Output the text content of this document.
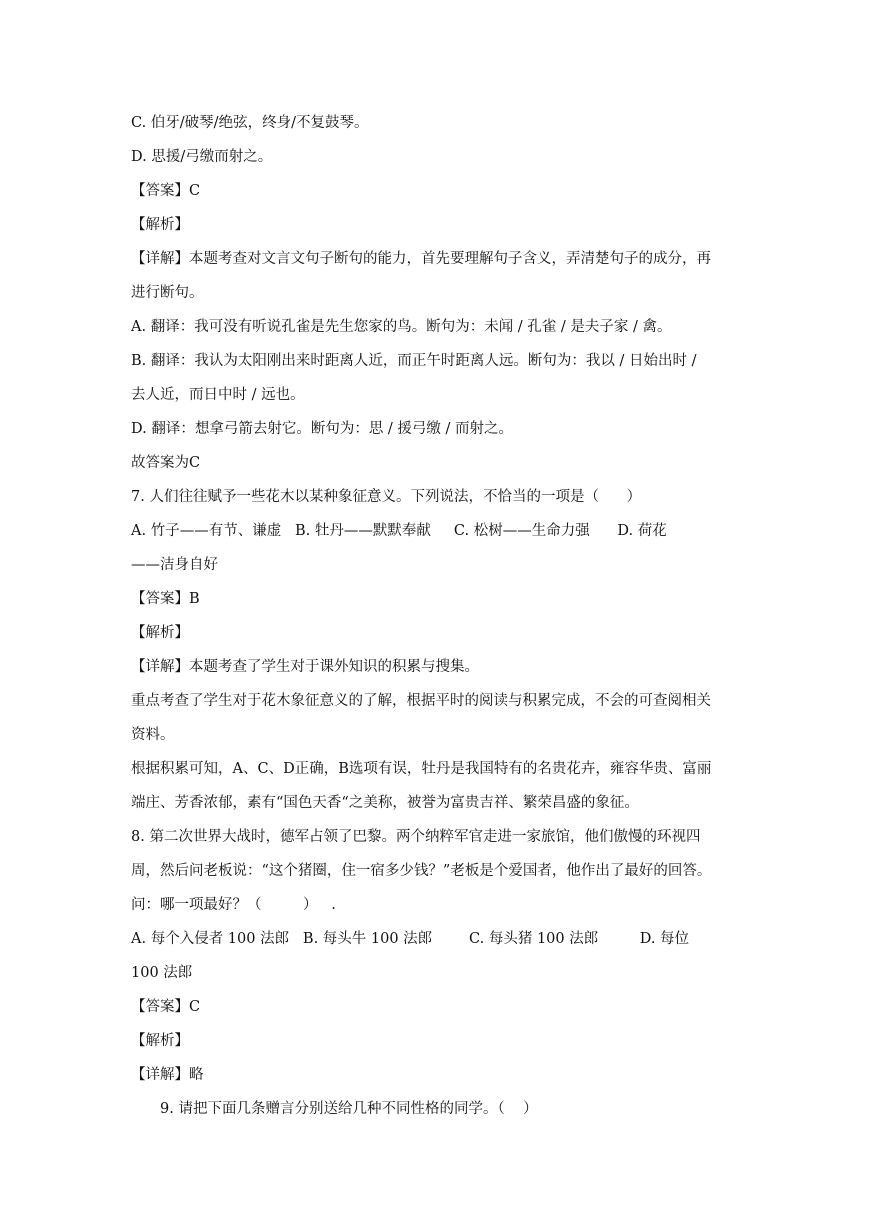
C. 伯牙/破琴/绝弦，终身/不复鼓琴。
D. 思援/弓缴而射之。
【答案】C
【解析】
【详解】本题考查对文言文句子断句的能力，首先要理解句子含义，弄清楚句子的成分，再
进行断句。
A. 翻译：我可没有听说孔雀是先生您家的鸟。断句为：未闻 / 孔雀 / 是夫子家 / 禽。
B. 翻译：我认为太阳刚出来时距离人近，而正午时距离人远。断句为：我以 / 日始出时 /
去人近，而日中时 / 远也。
D. 翻译：想拿弓箭去射它。断句为：思 / 援弓缴 / 而射之。
故答案为C
7. 人们往往赋予一些花木以某种象征意义。下列说法，不恰当的一项是（      ）
A. 竹子——有节、谦虚   B. 牡丹——默默奉献     C. 松树——生命力强      D. 荷花
——洁身自好
【答案】B
【解析】
【详解】本题考查了学生对于课外知识的积累与搜集。
重点考查了学生对于花木象征意义的了解，根据平时的阅读与积累完成，不会的可查阅相关
资料。
根据积累可知，A、C、D正确，B选项有误，牡丹是我国特有的名贵花卉，雍容华贵、富丽
端庄、芳香浓郁，素有“国色天香“之美称，被誉为富贵吉祥、繁荣昌盛的象征。
8. 第二次世界大战时，德军占领了巴黎。两个纳粹军官走进一家旅馆，他们傲慢的环视四
周，然后问老板说：“这个猪圈，住一宿多少钱？”老板是个爱国者，他作出了最好的回答。
问：哪一项最好？（         ）   .
A. 每个入侵者 100 法郎   B. 每头牛 100 法郎        C. 每头猪 100 法郎         D. 每位
100 法郎
【答案】C
【解析】
【详解】略
9. 请把下面几条赠言分别送给几种不同性格的同学。（    ）
